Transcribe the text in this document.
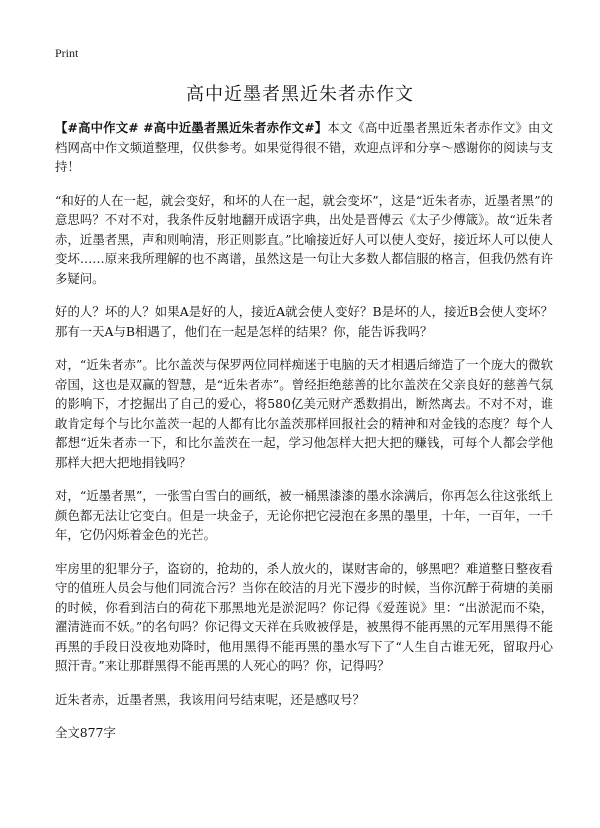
Print
高中近墨者黑近朱者赤作文

【#高中作文# #高中近墨者黑近朱者赤作文#】本文《高中近墨者黑近朱者赤作文》由文档网高中作文频道整理，仅供参考。如果觉得很不错，欢迎点评和分享～感谢你的阅读与支持！

“和好的人在一起，就会变好，和坏的人在一起，就会变坏”，这是“近朱者赤，近墨者黑”的意思吗？不对不对，我条件反射地翻开成语字典，出处是晋傅云《太子少傅箴》。故“近朱者赤，近墨者黑，声和则响清，形正则影直。”比喻接近好人可以使人变好，接近坏人可以使人变坏……原来我所理解的也不离谱，虽然这是一句让大多数人都信服的格言，但我仍然有许多疑问。

好的人？坏的人？如果A是好的人，接近A就会使人变好？B是坏的人，接近B会使人变坏？那有一天A与B相遇了，他们在一起是怎样的结果？你，能告诉我吗？

对，“近朱者赤”。比尔盖茨与保罗两位同样痴迷于电脑的天才相遇后缔造了一个庞大的微软帝国，这也是双赢的智慧，是“近朱者赤”。曾经拒绝慈善的比尔盖茨在父亲良好的慈善气氛的影响下，才挖掘出了自己的爱心，将580亿美元财产悉数捐出，断然离去。不对不对，谁敢肯定每个与比尔盖茨一起的人都有比尔盖茨那样回报社会的精神和对金钱的态度？每个人都想“近朱者赤一下，和比尔盖茨在一起，学习他怎样大把大把的赚钱，可每个人都会学他那样大把大把地捐钱吗？

对，“近墨者黑”，一张雪白雪白的画纸，被一桶黑漆漆的墨水涂满后，你再怎么往这张纸上颜色都无法让它变白。但是一块金子，无论你把它浸泡在多黑的墨里，十年，一百年，一千年，它仍闪烁着金色的光芒。

牢房里的犯罪分子，盗窃的，抢劫的，杀人放火的，谋财害命的，够黑吧？难道整日整夜看守的值班人员会与他们同流合污？当你在皎洁的月光下漫步的时候，当你沉醉于荷塘的美丽的时候，你看到洁白的荷花下那黑地光是淤泥吗？你记得《爱莲说》里：“出淤泥而不染，濯清涟而不妖。”的名句吗？你记得文天祥在兵败被俘是，被黑得不能再黑的元军用黑得不能再黑的手段日没夜地劝降时，他用黑得不能再黑的墨水写下了“人生自古谁无死，留取丹心照汗青。”来让那群黑得不能再黑的人死心的吗？你，记得吗？

近朱者赤，近墨者黑，我该用问号结束呢，还是感叹号？

全文877字
